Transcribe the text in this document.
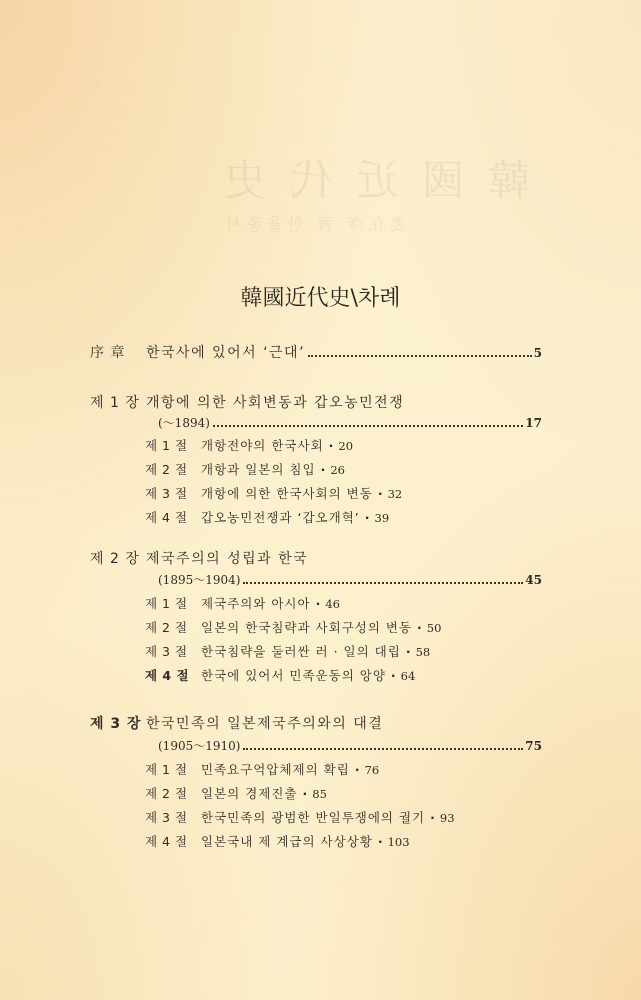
韓國近代史
姜在彦 著 한울총서
◦
韓國近代史\차례
序 章	한국사에 있어서 ‘근대’	5
제 1 장 개항에 의한 사회변동과 갑오농민전쟁
(〜1894)	17
제 1 절	개항전야의 한국사회 · 20
제 2 절	개항과 일본의 침입 · 26
제 3 절	개항에 의한 한국사회의 변동 · 32
제 4 절	갑오농민전쟁과 ‘갑오개혁’ · 39
제 2 장 제국주의의 성립과 한국
(1895〜1904)	45
제 1 절	제국주의와 아시아 · 46
제 2 절	일본의 한국침략과 사회구성의 변동 · 50
제 3 절	한국침략을 둘러싼 러 · 일의 대립 · 58
제 4 절 한국에 있어서 민족운동의 앙양 · 64
제 3 장 한국민족의 일본제국주의와의 대결
(1905〜1910)	75
제 1 절	민족요구억압체제의 확립 · 76
제 2 절	일본의 경제진출 · 85
제 3 절	한국민족의 광범한 반일투쟁에의 궐기 · 93
제 4 절	일본국내 제 계급의 사상상황 · 103
